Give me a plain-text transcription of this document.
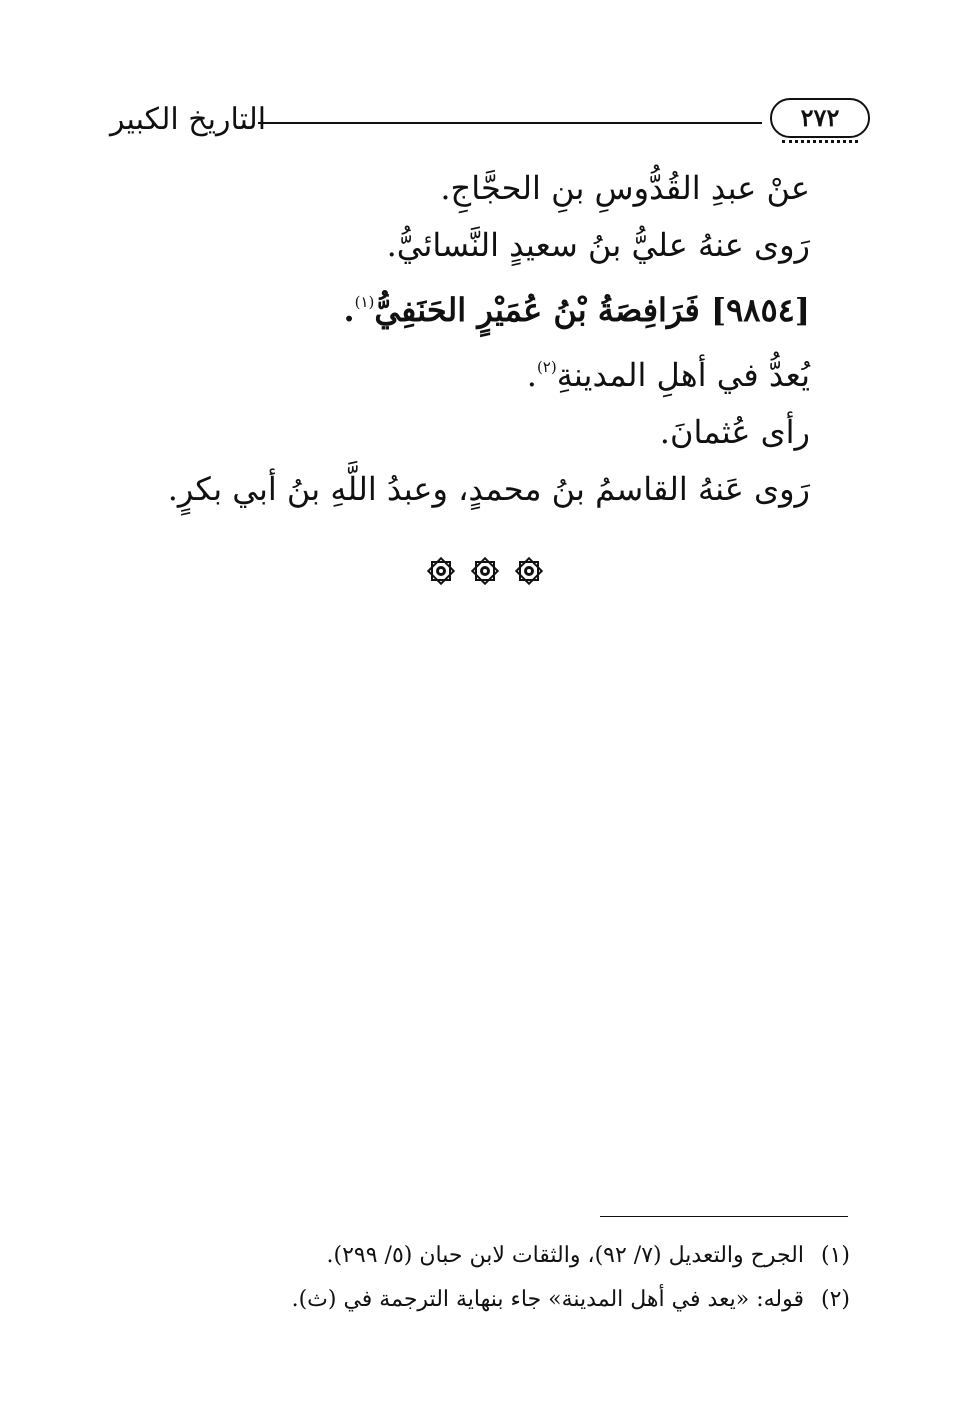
التاريخ الكبير	٢٧٢
عنْ عبدِ القُدُّوسِ بنِ الحجَّاجِ.
رَوى عنهُ عليُّ بنُ سعيدٍ النَّسائيُّ.
[٩٨٥٤] فَرَافِصَةُ بْنُ عُمَيْرٍ الحَنَفِيُّ$^{(١)}$.
يُعدُّ في أهلِ المدينةِ$^{(٢)}$.
رأى عُثمانَ.
رَوى عَنهُ القاسمُ بنُ محمدٍ، وعبدُ اللَّهِ بنُ أبي بكرٍ.
(١)
الجرح والتعديل (٧/ ٩٢)، والثقات لابن حبان (٥/ ٢٩٩).
(٢)
قوله: «يعد في أهل المدينة» جاء بنهاية الترجمة في (ث).
